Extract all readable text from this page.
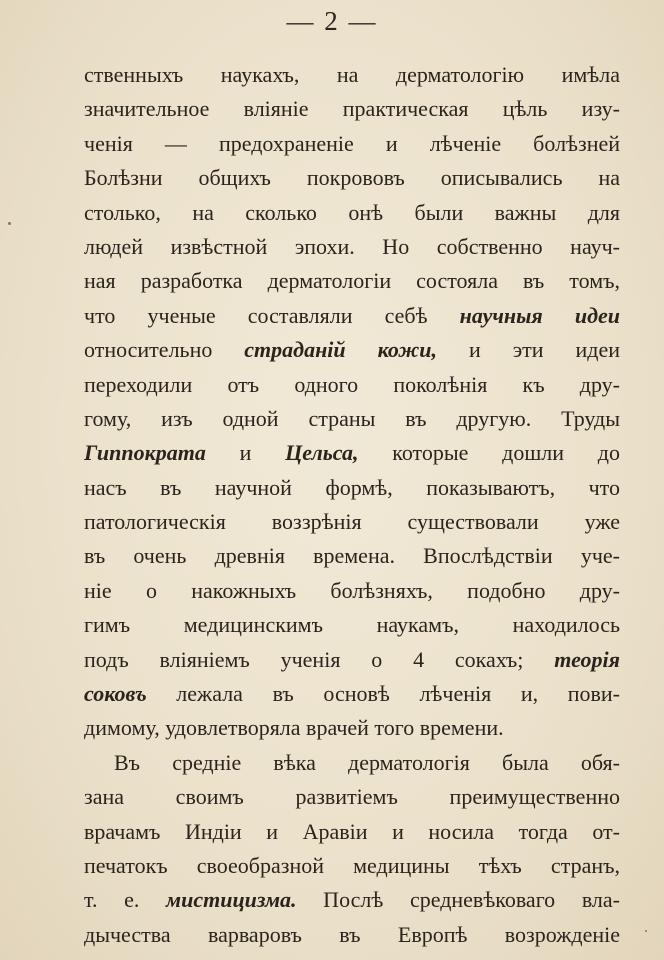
— 2 —
ственныхъ наукахъ, на дерматологію имѣла
значительное вліяніе практическая цѣль изу-
ченія — предохраненіе и лѣченіе болѣзней
Болѣзни общихъ покрововъ описывались на
столько, на сколько онѣ были важны для
людей извѣстной эпохи. Но собственно науч-
ная разработка дерматологіи состояла въ томъ,
что ученые составляли себѣ научныя идеи
относительно страданій кожи, и эти идеи
переходили отъ одного поколѣнія къ дру-
гому, изъ одной страны въ другую. Труды
Гиппократа и Цельса, которые дошли до
насъ въ научной формѣ, показываютъ, что
патологическія воззрѣнія существовали уже
въ очень древнія времена. Впослѣдствіи уче-
ніе о накожныхъ болѣзняхъ, подобно дру-
гимъ медицинскимъ наукамъ, находилось
подъ вліяніемъ ученія о 4 сокахъ; теорія
соковъ лежала въ основѣ лѣченія и, пови-
димому, удовлетворяла врачей того времени.
Въ средніе вѣка дерматологія была обя-
зана своимъ развитіемъ преимущественно
врачамъ Индіи и Аравіи и носила тогда от-
печатокъ своеобразной медицины тѣхъ странъ,
т. е. мистицизма. Послѣ средневѣковаго вла-
дычества варваровъ въ Европѣ возрожденіе
